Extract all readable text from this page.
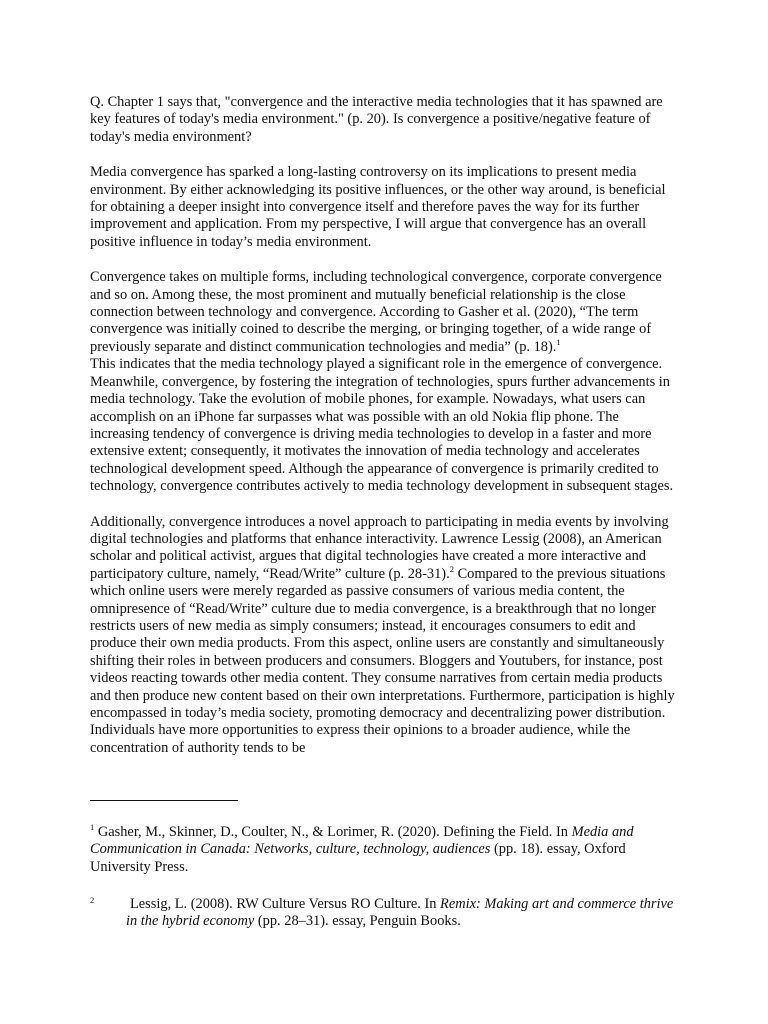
Q. Chapter 1 says that, "convergence and the interactive media technologies that it has spawned are key features of today's media environment." (p. 20). Is convergence a positive/negative feature of today's media environment?

Media convergence has sparked a long-lasting controversy on its implications to present media environment. By either acknowledging its positive influences, or the other way around, is beneficial for obtaining a deeper insight into convergence itself and therefore paves the way for its further improvement and application. From my perspective, I will argue that convergence has an overall positive influence in today’s media environment.

Convergence takes on multiple forms, including technological convergence, corporate convergence and so on. Among these, the most prominent and mutually beneficial relationship is the close connection between technology and convergence. According to Gasher et al. (2020), “The term convergence was initially coined to describe the merging, or bringing together, of a wide range of previously separate and distinct communication technologies and media” (p. 18).$^1$
This indicates that the media technology played a significant role in the emergence of convergence. Meanwhile, convergence, by fostering the integration of technologies, spurs further advancements in media technology. Take the evolution of mobile phones, for example. Nowadays, what users can accomplish on an iPhone far surpasses what was possible with an old Nokia flip phone. The increasing tendency of convergence is driving media technologies to develop in a faster and more extensive extent; consequently, it motivates the innovation of media technology and accelerates technological development speed. Although the appearance of convergence is primarily credited to technology, convergence contributes actively to media technology development in subsequent stages.

Additionally, convergence introduces a novel approach to participating in media events by involving digital technologies and platforms that enhance interactivity. Lawrence Lessig (2008), an American scholar and political activist, argues that digital technologies have created a more interactive and participatory culture, namely, “Read/Write” culture (p. 28-31).$^2$ Compared to the previous situations which online users were merely regarded as passive consumers of various media content, the omnipresence of “Read/Write” culture due to media convergence, is a breakthrough that no longer restricts users of new media as simply consumers; instead, it encourages consumers to edit and produce their own media products. From this aspect, online users are constantly and simultaneously shifting their roles in between producers and consumers. Bloggers and Youtubers, for instance, post videos reacting towards other media content. They consume narratives from certain media products and then produce new content based on their own interpretations. Furthermore, participation is highly encompassed in today’s media society, promoting democracy and decentralizing power distribution. Individuals have more opportunities to express their opinions to a broader audience, while the concentration of authority tends to be

$^1$ Gasher, M., Skinner, D., Coulter, N., & Lorimer, R. (2020). Defining the Field. In Media and Communication in Canada: Networks, culture, technology, audiences (pp. 18). essay, Oxford University Press.
2	Lessig, L. (2008). RW Culture Versus RO Culture. In Remix: Making art and commerce thrive in the hybrid economy (pp. 28–31). essay, Penguin Books.
